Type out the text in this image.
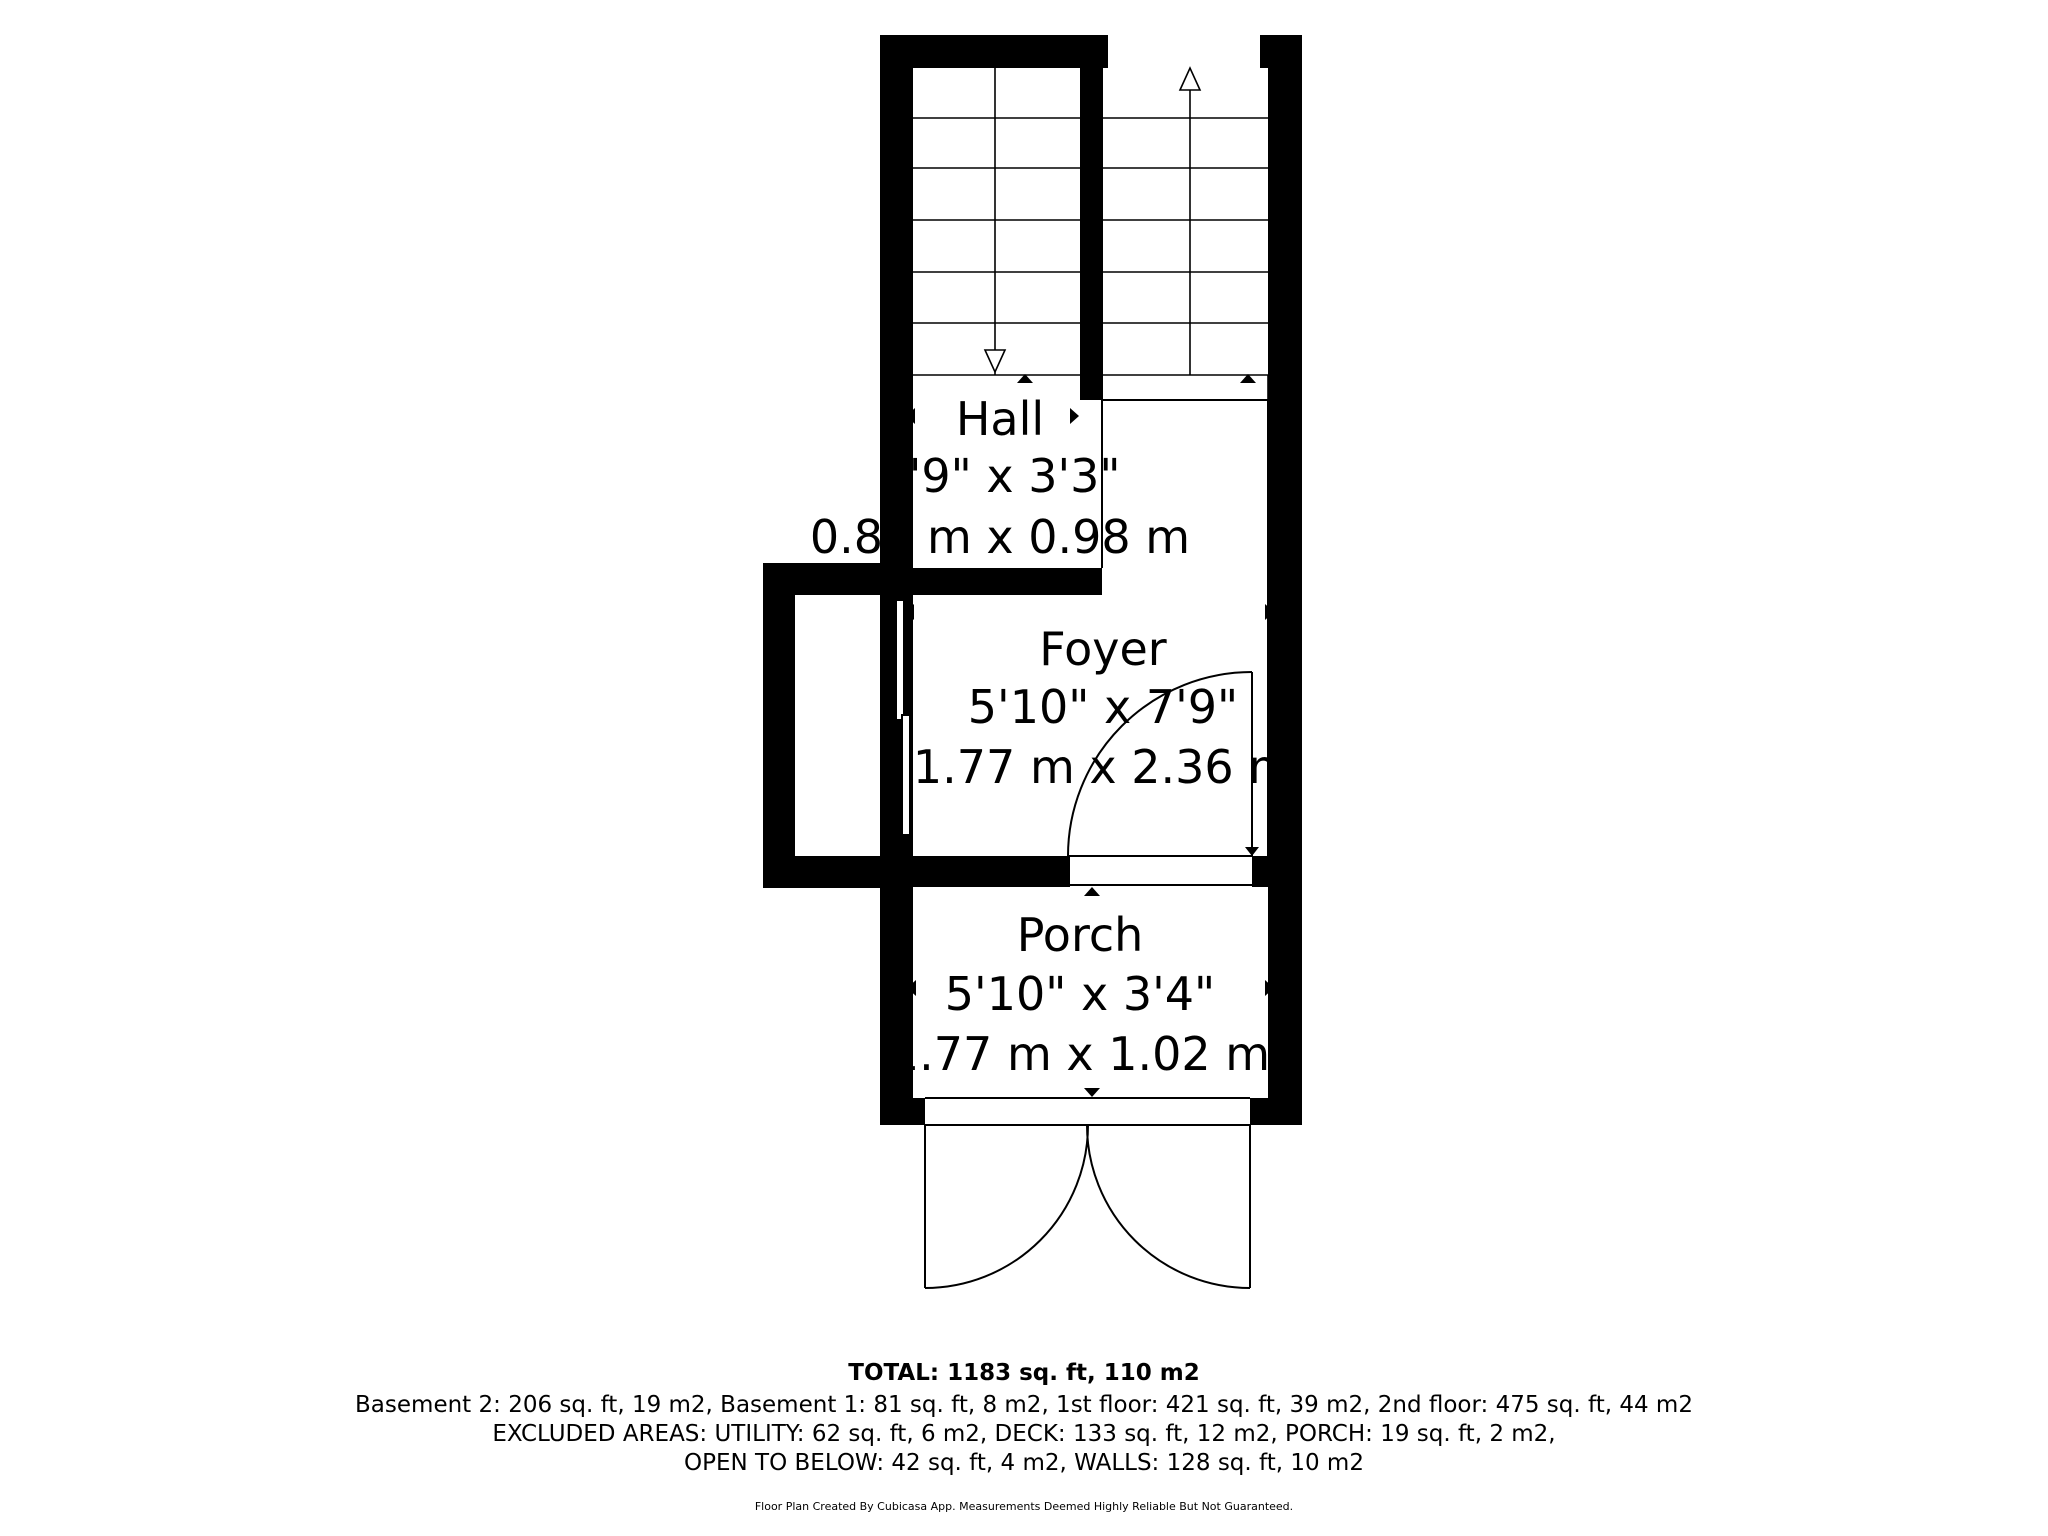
Hall
2'9" x 3'3"
0.83 m x 0.98 m
Foyer
5'10" x 7'9"
1.77 m x 2.36 m
Porch
5'10" x 3'4"
1.77 m x 1.02 m
TOTAL: 1183 sq. ft, 110 m2
Basement 2: 206 sq. ft, 19 m2, Basement 1: 81 sq. ft, 8 m2, 1st floor: 421 sq. ft, 39 m2, 2nd floor: 475 sq. ft, 44 m2
EXCLUDED AREAS: UTILITY: 62 sq. ft, 6 m2, DECK: 133 sq. ft, 12 m2, PORCH: 19 sq. ft, 2 m2,
OPEN TO BELOW: 42 sq. ft, 4 m2, WALLS: 128 sq. ft, 10 m2
Floor Plan Created By Cubicasa App. Measurements Deemed Highly Reliable But Not Guaranteed.
